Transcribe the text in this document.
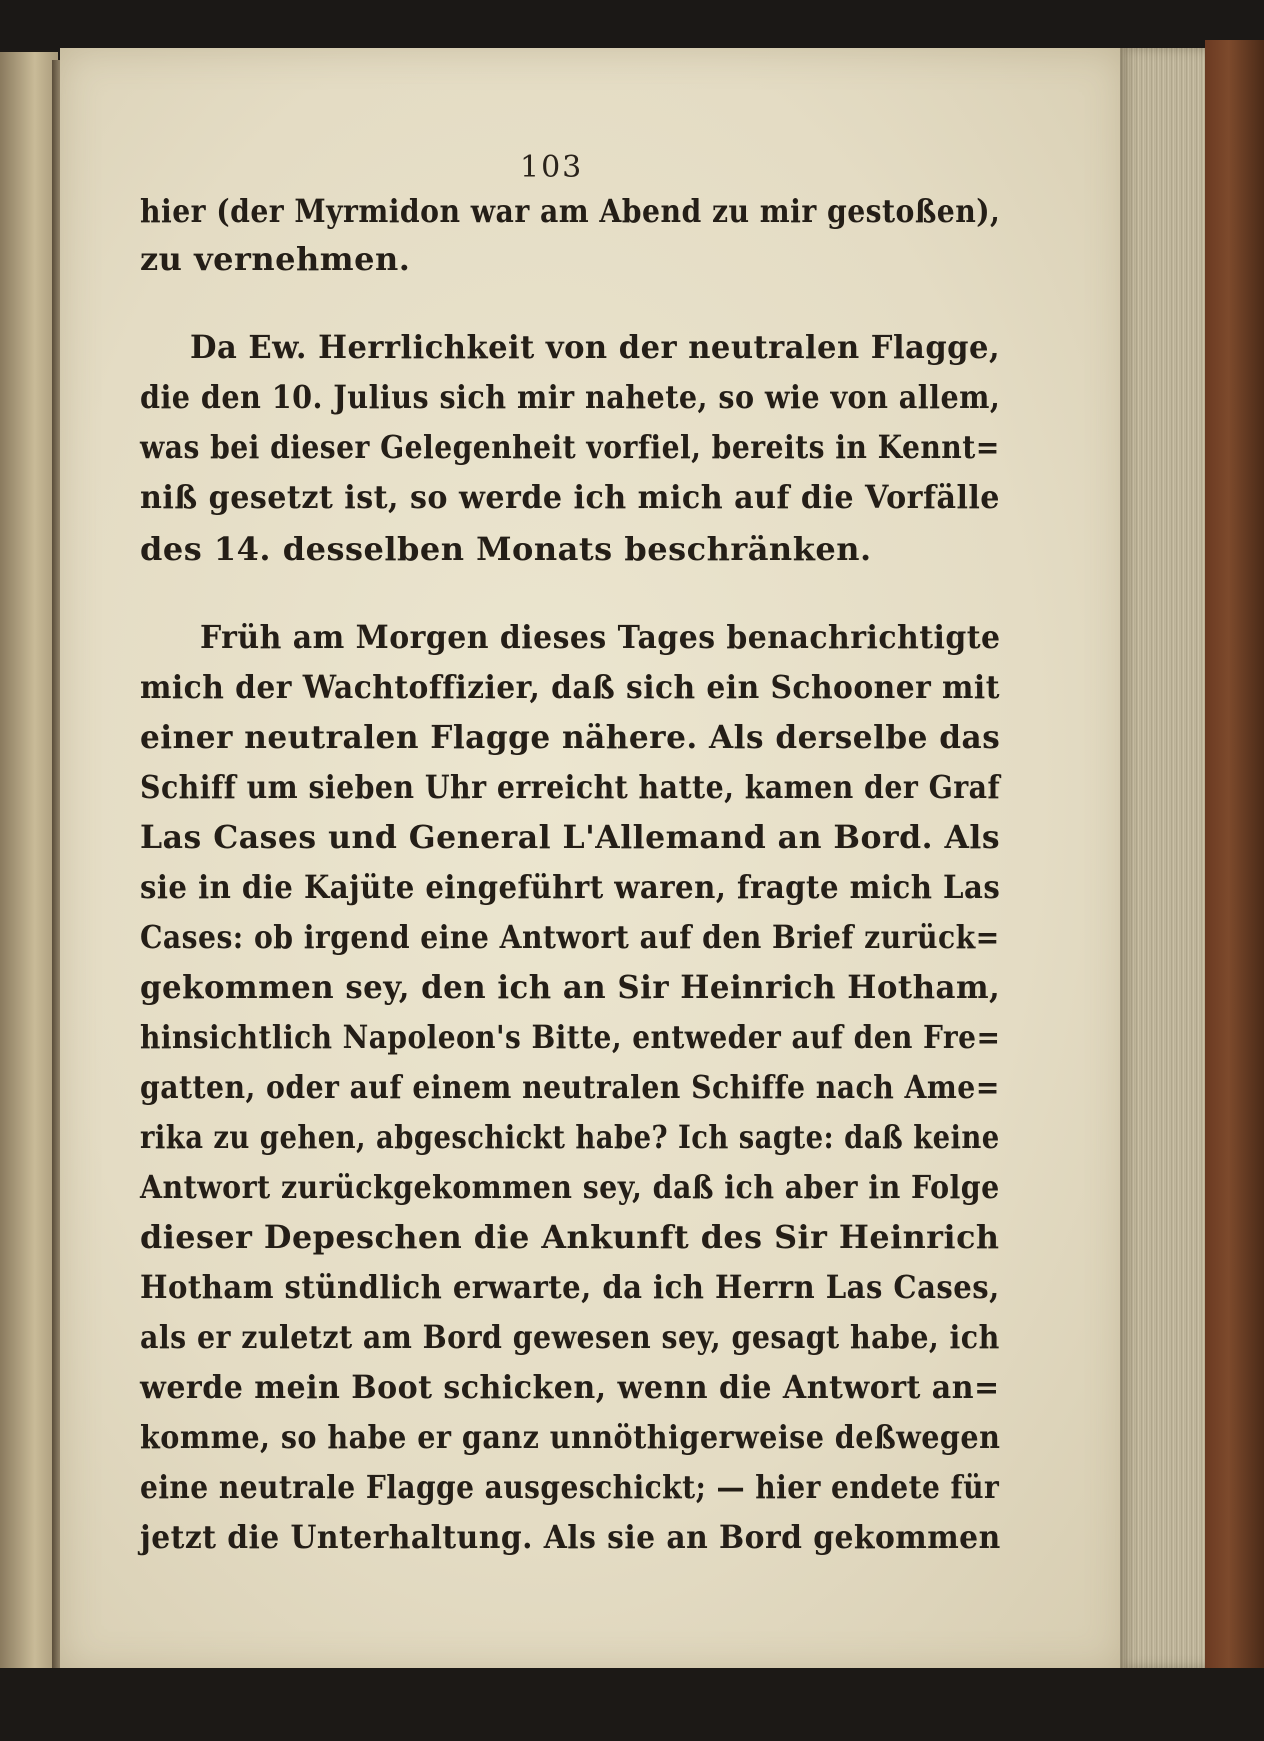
103
hier (der Myrmidon war am Abend zu mir gestoßen),
zu vernehmen.
Da Ew. Herrlichkeit von der neutralen Flagge,
die den 10. Julius sich mir nahete, so wie von allem,
was bei dieser Gelegenheit vorfiel, bereits in Kennt=
niß gesetzt ist, so werde ich mich auf die Vorfälle
des 14. desselben Monats beschränken.
Früh am Morgen dieses Tages benachrichtigte
mich der Wachtoffizier, daß sich ein Schooner mit
einer neutralen Flagge nähere. Als derselbe das
Schiff um sieben Uhr erreicht hatte, kamen der Graf
Las Cases und General L'Allemand an Bord. Als
sie in die Kajüte eingeführt waren, fragte mich Las
Cases: ob irgend eine Antwort auf den Brief zurück=
gekommen sey, den ich an Sir Heinrich Hotham,
hinsichtlich Napoleon's Bitte, entweder auf den Fre=
gatten, oder auf einem neutralen Schiffe nach Ame=
rika zu gehen, abgeschickt habe? Ich sagte: daß keine
Antwort zurückgekommen sey, daß ich aber in Folge
dieser Depeschen die Ankunft des Sir Heinrich
Hotham stündlich erwarte, da ich Herrn Las Cases,
als er zuletzt am Bord gewesen sey, gesagt habe, ich
werde mein Boot schicken, wenn die Antwort an=
komme, so habe er ganz unnöthigerweise deßwegen
eine neutrale Flagge ausgeschickt; — hier endete für
jetzt die Unterhaltung. Als sie an Bord gekommen
